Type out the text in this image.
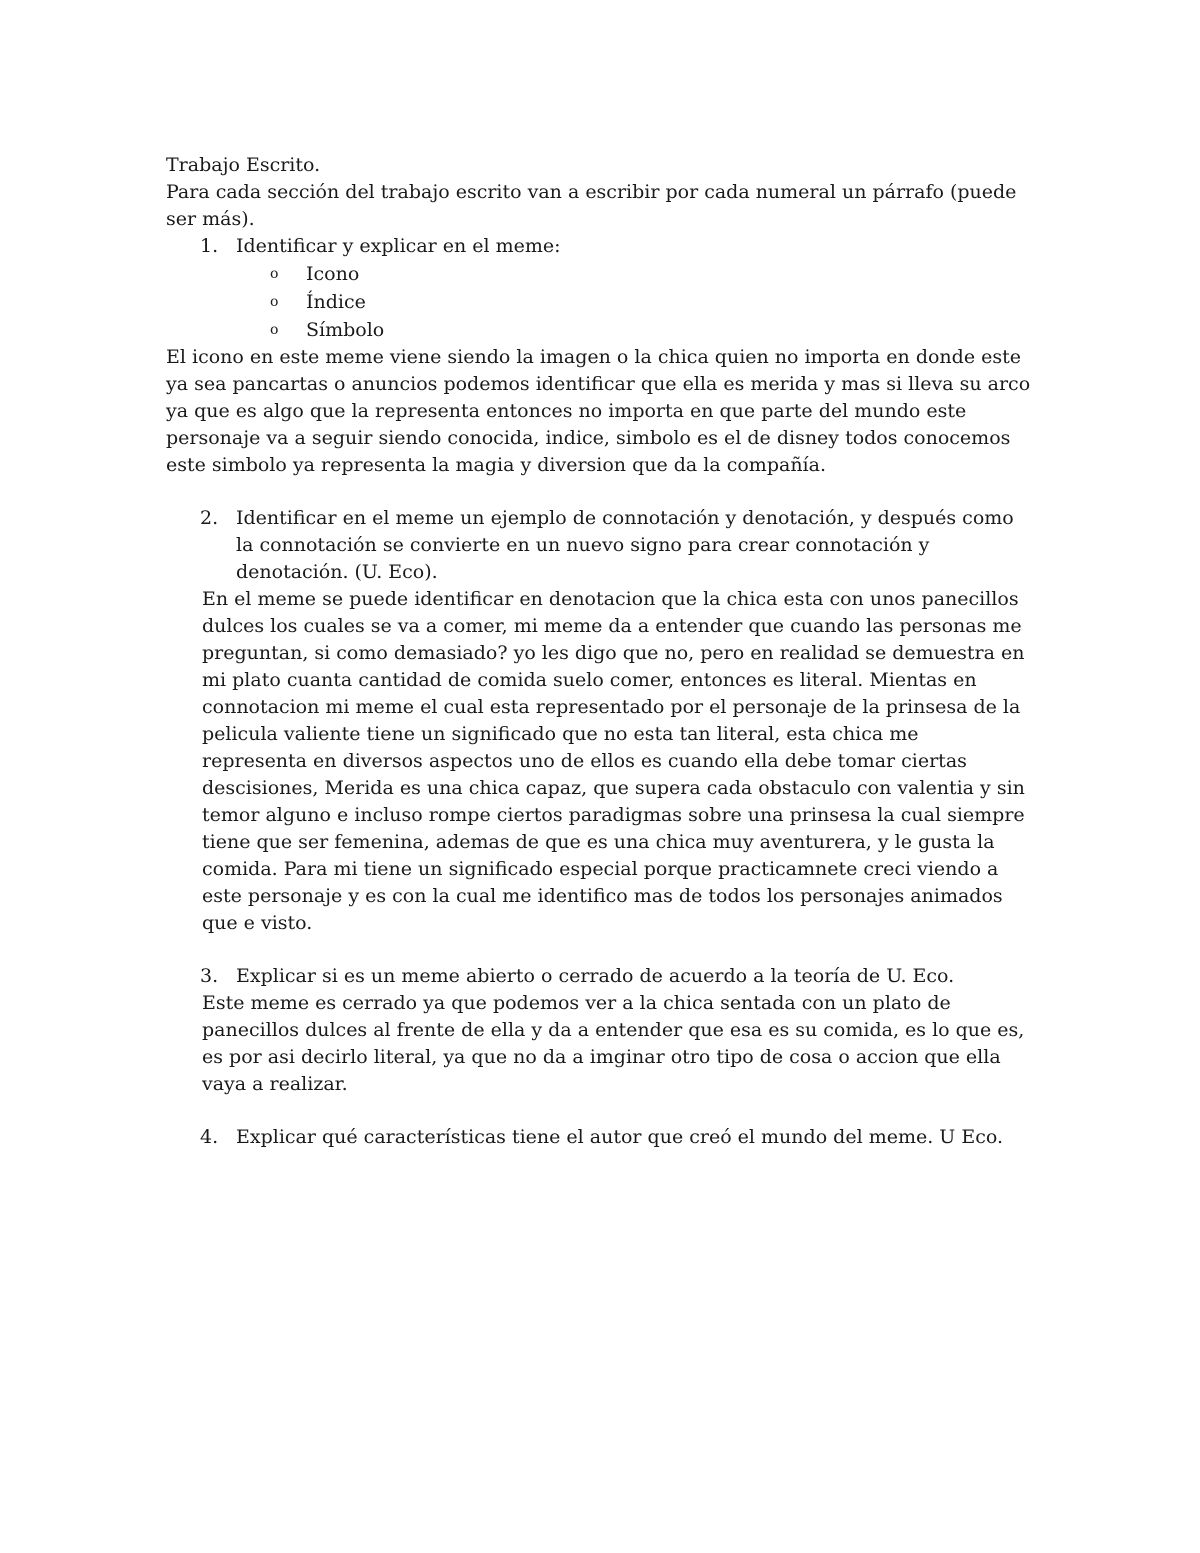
Trabajo Escrito.

Para cada sección del trabajo escrito van a escribir por cada numeral un párrafo (puede ser más).

1. Identificar y explicar en el meme:
o Icono
o Índice
o Símbolo

El icono en este meme viene siendo la imagen o la chica quien no importa en donde este ya sea pancartas o anuncios podemos identificar que ella es merida y mas si lleva su arco ya que es algo que la representa entonces no importa en que parte del mundo este personaje va a seguir siendo conocida, indice, simbolo es el de disney todos conocemos este simbolo ya representa la magia y diversion que da la compañía.

2. Identificar en el meme un ejemplo de connotación y denotación, y después como la connotación se convierte en un nuevo signo para crear connotación y denotación. (U. Eco).

En el meme se puede identificar en denotacion que la chica esta con unos panecillos dulces los cuales se va a comer, mi meme da a entender que cuando las personas me preguntan, si como demasiado? yo les digo que no, pero en realidad se demuestra en mi plato cuanta cantidad de comida suelo comer, entonces es literal. Mientas en connotacion mi meme el cual esta representado por el personaje de la prinsesa de la pelicula valiente tiene un significado que no esta tan literal, esta chica me representa en diversos aspectos uno de ellos es cuando ella debe tomar ciertas descisiones, Merida es una chica capaz, que supera cada obstaculo con valentia y sin temor alguno e incluso rompe ciertos paradigmas sobre una prinsesa la cual siempre tiene que ser femenina, ademas de que es una chica muy aventurera, y le gusta la comida. Para mi tiene un significado especial porque practicamnete creci viendo a este personaje y es con la cual me identifico mas de todos los personajes animados que e visto.

3. Explicar si es un meme abierto o cerrado de acuerdo a la teoría de U. Eco.

Este meme es cerrado ya que podemos ver a la chica sentada con un plato de panecillos dulces al frente de ella y da a entender que esa es su comida, es lo que es, es por asi decirlo literal, ya que no da a imginar otro tipo de cosa o accion que ella vaya a realizar.

4. Explicar qué características tiene el autor que creó el mundo del meme. U Eco.
